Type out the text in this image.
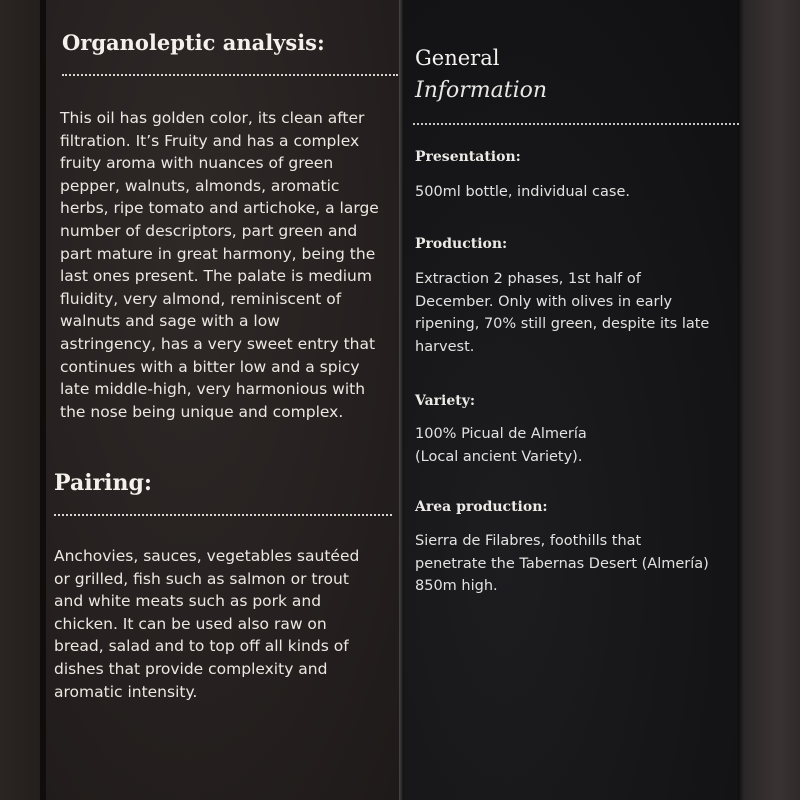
Organoleptic analysis:
This oil has golden color, its clean after
filtration. It’s Fruity and has a complex
fruity aroma with nuances of green
pepper, walnuts, almonds, aromatic
herbs, ripe tomato and artichoke, a large
number of descriptors, part green and
part mature in great harmony, being the
last ones present. The palate is medium
fluidity, very almond, reminiscent of
walnuts and sage with a low
astringency, has a very sweet entry that
continues with a bitter low and a spicy
late middle-high, very harmonious with
the nose being unique and complex.
Pairing:
Anchovies, sauces, vegetables sautéed
or grilled, fish such as salmon or trout
and white meats such as pork and
chicken. It can be used also raw on
bread, salad and to top off all kinds of
dishes that provide complexity and
aromatic intensity.
General
Information
Presentation:
500ml bottle, individual case.
Production:
Extraction 2 phases, 1st half of
December. Only with olives in early
ripening, 70% still green, despite its late
harvest.
Variety:
100% Picual de Almería
(Local ancient Variety).
Area production:
Sierra de Filabres, foothills that
penetrate the Tabernas Desert (Almería)
850m high.
